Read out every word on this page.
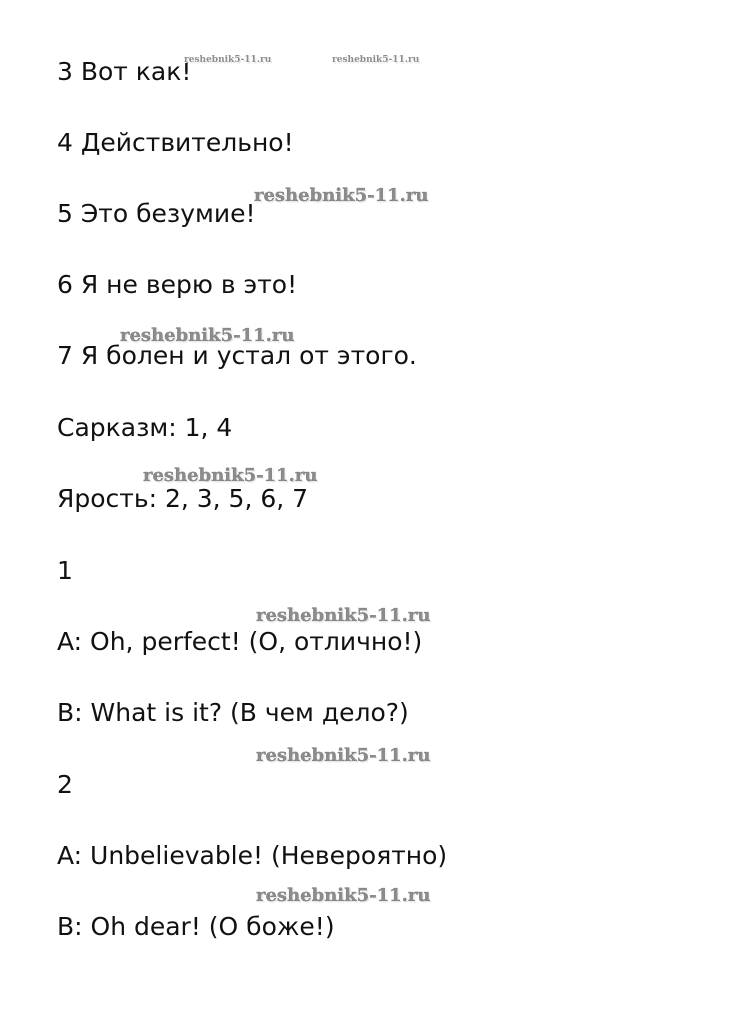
3 Вот как!

4 Действительно!

5 Это безумие!

6 Я не верю в это!

7 Я болен и устал от этого.

Сарказм: 1, 4

Ярость: 2, 3, 5, 6, 7

1

A: Oh, perfect! (О, отлично!)

B: What is it? (В чем дело?)

2

A: Unbelievable! (Невероятно)

B: Oh dear! (О боже!)

reshebnik5-11.ru	reshebnik5-11.ru
reshebnik5-11.ru
reshebnik5-11.ru
reshebnik5-11.ru
reshebnik5-11.ru
reshebnik5-11.ru
reshebnik5-11.ru
